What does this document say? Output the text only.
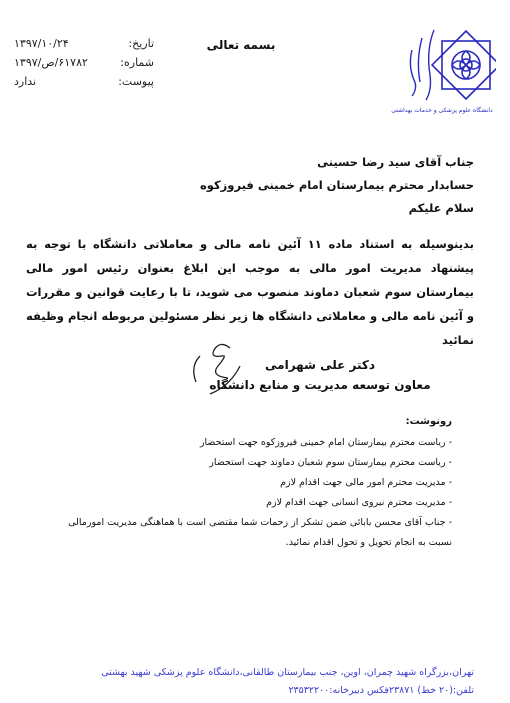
تاریخ:
۱۳۹۷/۱۰/۲۴
شماره:
۶۱۷۸۲/ص/۱۳۹۷
پیوست:
ندارد
بسمه تعالی
دانشگاه علوم پزشکی و خدمات بهداشتی
جناب آقای سید رضا حسینی
حسابدار محترم بیمارستان امام خمینی فیروزکوه
سلام علیکم
بدینوسیله به استناد ماده ۱۱ آئین نامه مالی و معاملاتی دانشگاه با توجه به پیشنهاد مدیریت امور مالی به موجب این ابلاغ بعنوان رئیس امور مالی بیمارستان سوم شعبان دماوند منصوب می شوید، تا با رعایت قوانین و مقررات و آئین نامه مالی و معاملاتی دانشگاه ها زیر نظر مسئولین مربوطه انجام وظیفه نمائید
دکتر علی شهرامی
معاون توسعه مدیریت و منابع دانشگاه
رونوشت:
- ریاست محترم بیمارستان امام خمینی فیروزکوه جهت استحضار
- ریاست محترم بیمارستان سوم شعبان دماوند جهت استحضار
- مدیریت محترم امور مالی جهت اقدام لازم
- مدیریت محترم نیروی انسانی جهت اقدام لازم
- جناب آقای محسن بابائی ضمن تشکر از زحمات شما مقتضی است با هماهنگی مدیریت امورمالی نسبت به انجام تحویل و تحول اقدام نمائید.
تهران،بزرگراه شهید چمران، اوین، جنب بیمارستان طالقانی،دانشگاه علوم پزشکی شهید بهشتی
تلفن:(۲۰ خط) ۲۳۸۷۱فکس دبیرخانه:۲۳۵۳۲۲۰۰
